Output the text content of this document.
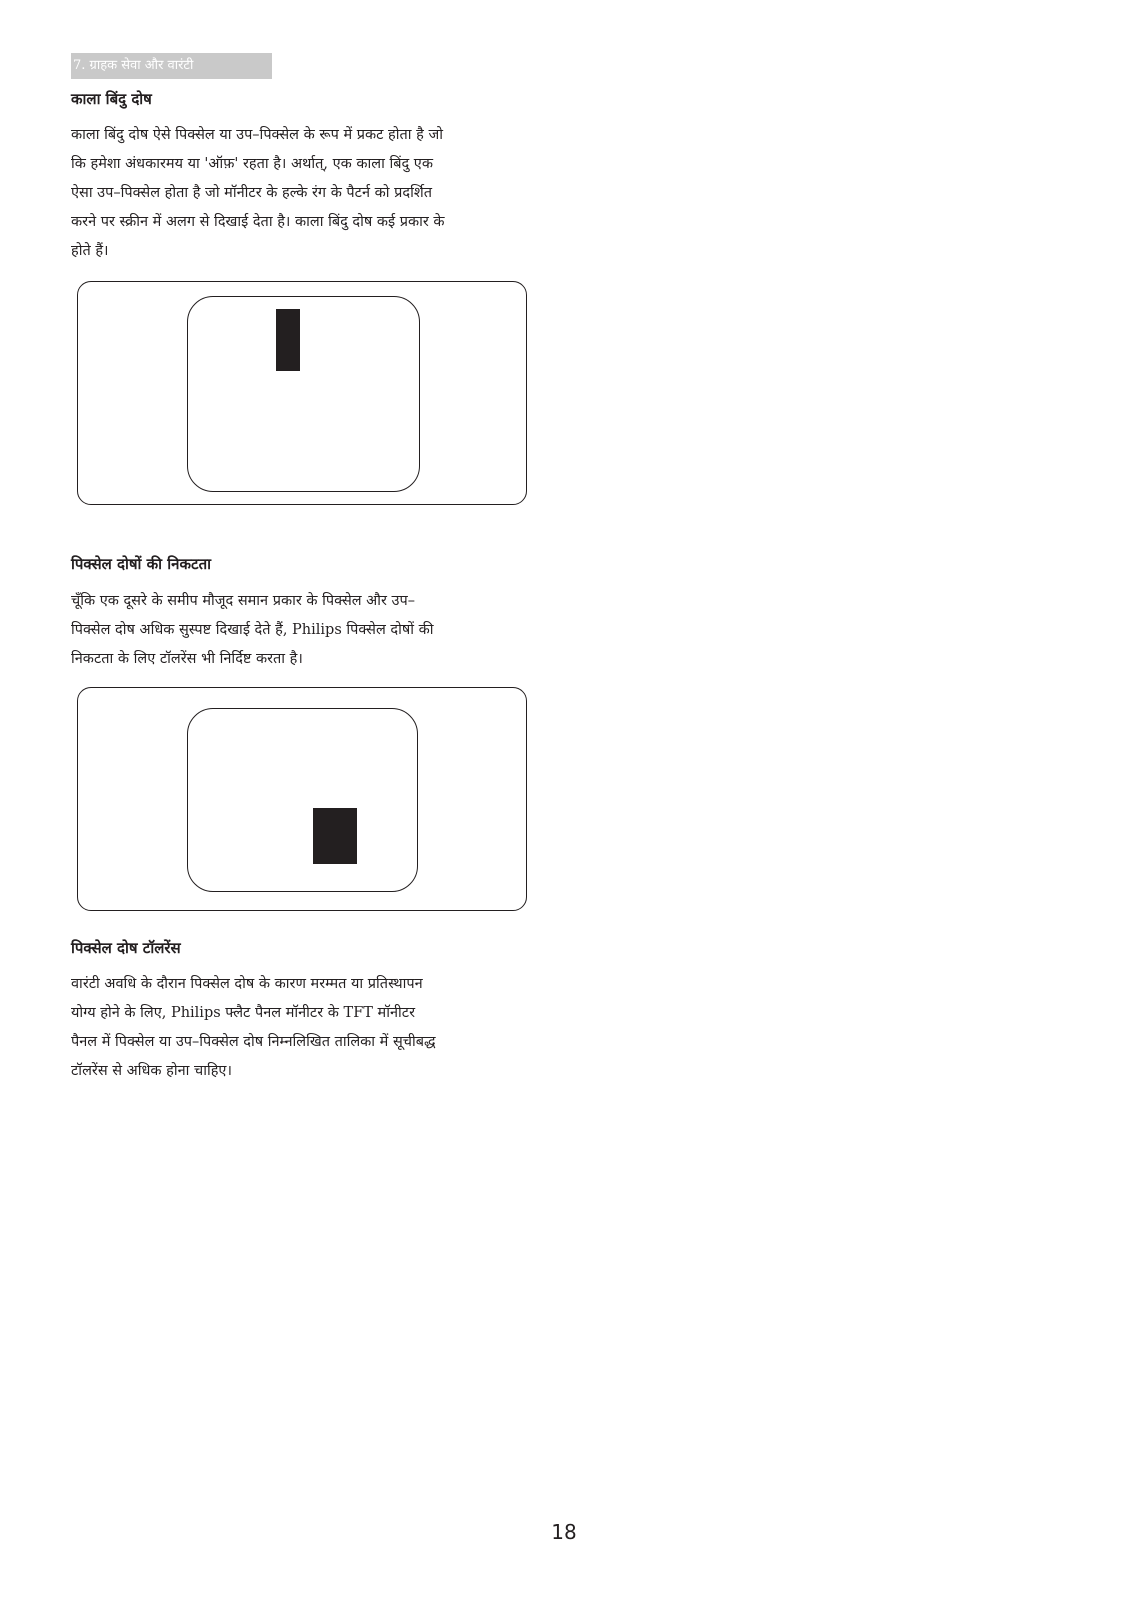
7. ग्राहक सेवा और वारंटी
काला बिंदु दोष

काला बिंदु दोष ऐसे पिक्सेल या उप–पिक्सेल के रूप में प्रकट होता है जो
कि हमेशा अंधकारमय या 'ऑफ़' रहता है। अर्थात्, एक काला बिंदु एक
ऐसा उप–पिक्सेल होता है जो मॉनीटर के हल्के रंग के पैटर्न को प्रदर्शित
करने पर स्क्रीन में अलग से दिखाई देता है। काला बिंदु दोष कई प्रकार के
होते हैं।

पिक्सेल दोषों की निकटता

चूँकि एक दूसरे के समीप मौजूद समान प्रकार के पिक्सेल और उप–
पिक्सेल दोष अधिक सुस्पष्ट दिखाई देते हैं, Philips पिक्सेल दोषों की
निकटता के लिए टॉलरेंस भी निर्दिष्ट करता है।

पिक्सेल दोष टॉलरेंस

वारंटी अवधि के दौरान पिक्सेल दोष के कारण मरम्मत या प्रतिस्थापन
योग्य होने के लिए, Philips फ्लैट पैनल मॉनीटर के TFT मॉनीटर
पैनल में पिक्सेल या उप–पिक्सेल दोष निम्नलिखित तालिका में सूचीबद्ध
टॉलरेंस से अधिक होना चाहिए।

18
